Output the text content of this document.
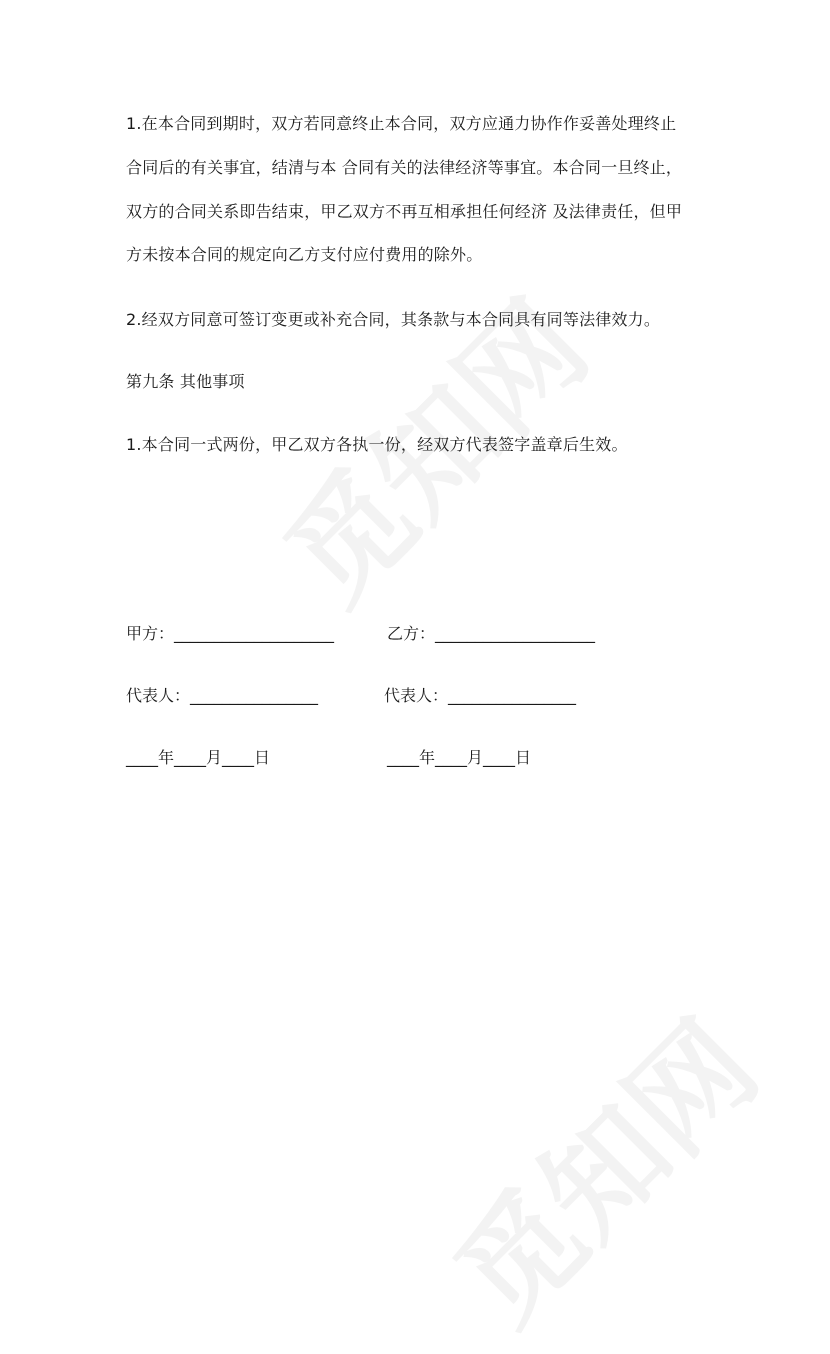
1.在本合同到期时，双方若同意终止本合同，双方应通力协作作妥善处理终止
合同后的有关事宜，结清与本 合同有关的法律经济等事宜。本合同一旦终止，
双方的合同关系即告结束，甲乙双方不再互相承担任何经济 及法律责任，但甲
方未按本合同的规定向乙方支付应付费用的除外。
2.经双方同意可签订变更或补充合同，其条款与本合同具有同等法律效力。
第九条 其他事项
1.本合同一式两份，甲乙双方各执一份，经双方代表签字盖章后生效。
甲方：____________________	乙方：____________________
代表人：________________	代表人：________________
____年____月____日	____年____月____日
